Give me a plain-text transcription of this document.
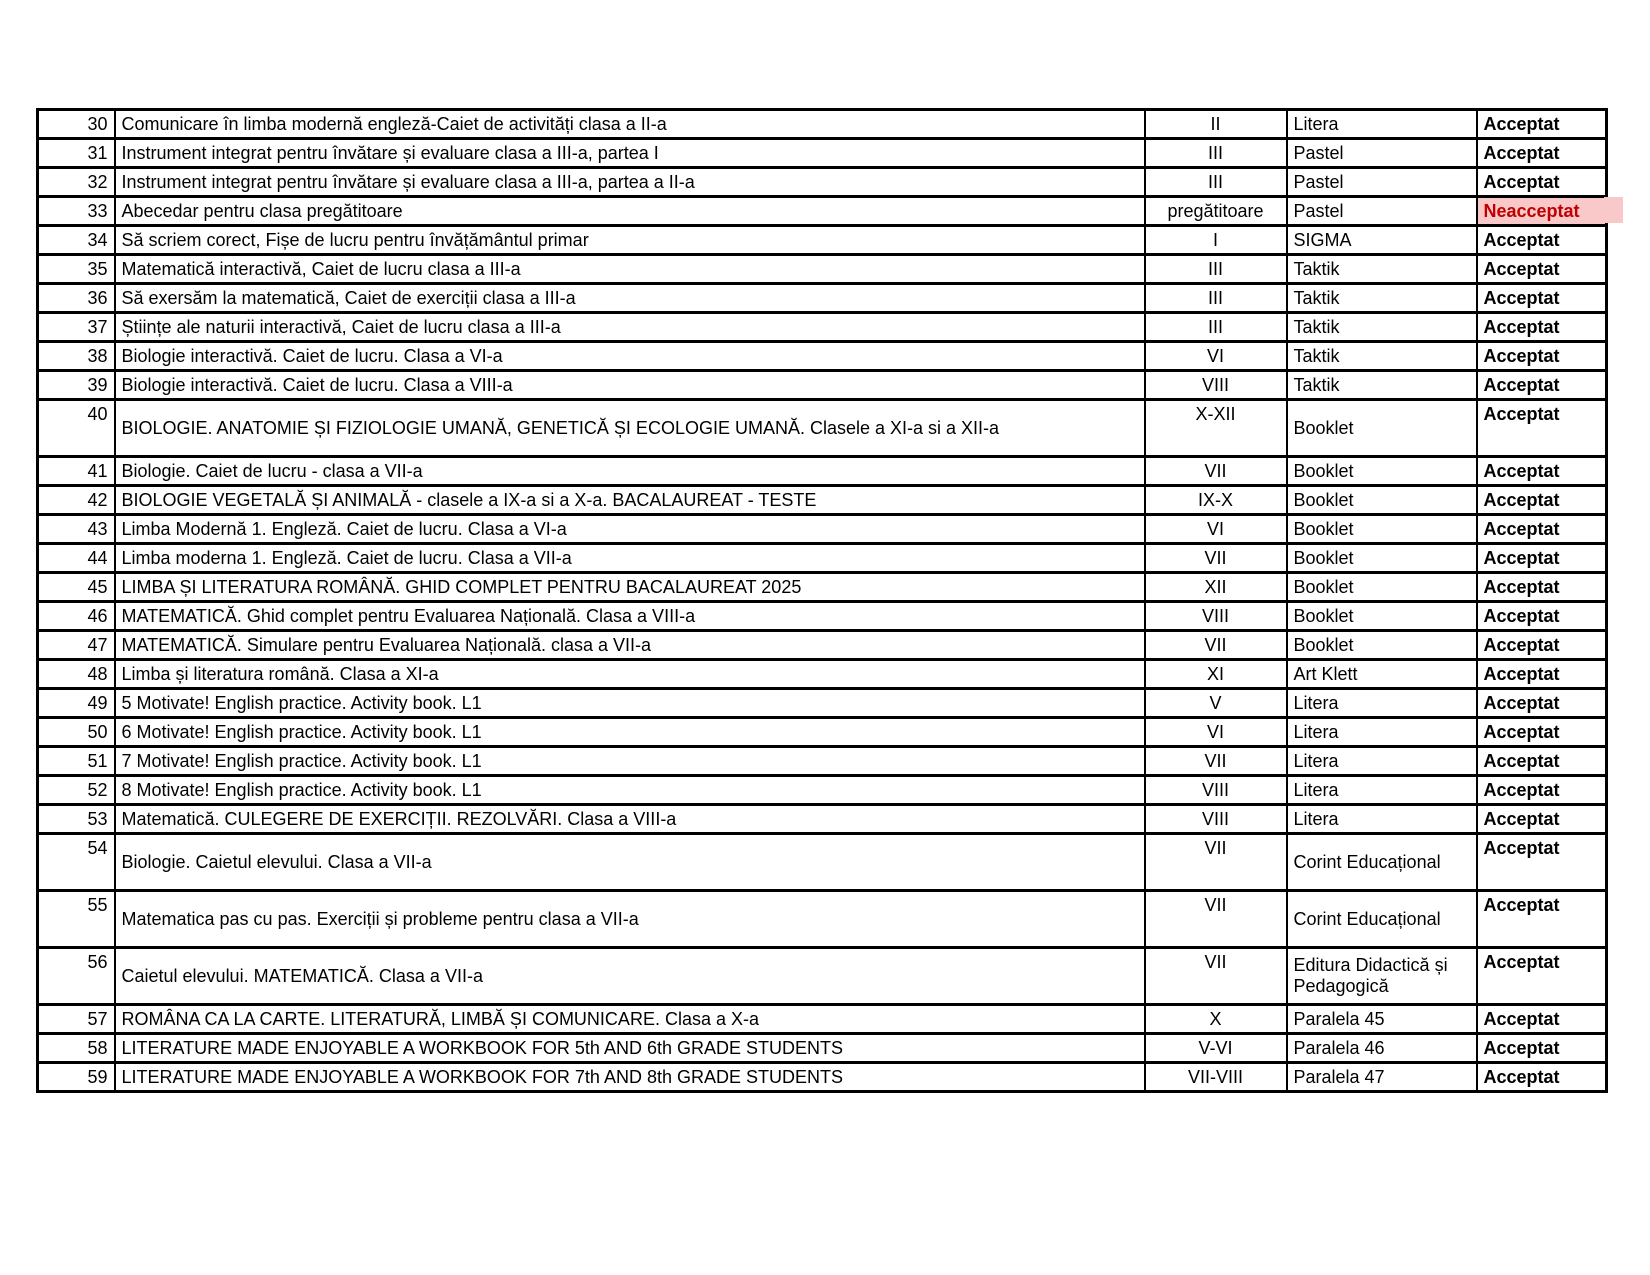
30	Comunicare în limba modernă engleză-Caiet de activități clasa a II-a	II	Litera	Acceptat
31	Instrument integrat pentru învătare și evaluare clasa a III-a, partea I	III	Pastel	Acceptat
32	Instrument integrat pentru învătare și evaluare clasa a III-a, partea a II-a	III	Pastel	Acceptat
33	Abecedar pentru clasa pregătitoare	pregătitoare	Pastel	Neacceptat
34	Să scriem corect, Fișe de lucru pentru învățământul primar	I	SIGMA	Acceptat
35	Matematică interactivă, Caiet de lucru clasa a III-a	III	Taktik	Acceptat
36	Să exersăm la matematică, Caiet de exerciții clasa a III-a	III	Taktik	Acceptat
37	Științe ale naturii interactivă, Caiet de lucru clasa a III-a	III	Taktik	Acceptat
38	Biologie interactivă. Caiet de lucru. Clasa a VI-a	VI	Taktik	Acceptat
39	Biologie interactivă. Caiet de lucru. Clasa a VIII-a	VIII	Taktik	Acceptat
40	BIOLOGIE. ANATOMIE ȘI FIZIOLOGIE UMANĂ, GENETICĂ ȘI ECOLOGIE UMANĂ. Clasele a XI-a si a XII-a	X-XII	Booklet	Acceptat
41	Biologie. Caiet de lucru - clasa a VII-a	VII	Booklet	Acceptat
42	BIOLOGIE VEGETALĂ ȘI ANIMALĂ - clasele a IX-a si a X-a. BACALAUREAT - TESTE	IX-X	Booklet	Acceptat
43	Limba Modernă 1. Engleză. Caiet de lucru. Clasa a VI-a	VI	Booklet	Acceptat
44	Limba moderna 1. Engleză. Caiet de lucru. Clasa a VII-a	VII	Booklet	Acceptat
45	LIMBA ȘI LITERATURA ROMÂNĂ. GHID COMPLET PENTRU BACALAUREAT 2025	XII	Booklet	Acceptat
46	MATEMATICĂ. Ghid complet pentru Evaluarea Națională. Clasa a VIII-a	VIII	Booklet	Acceptat
47	MATEMATICĂ. Simulare pentru Evaluarea Națională. clasa a VII-a	VII	Booklet	Acceptat
48	Limba și literatura română. Clasa a XI-a	XI	Art Klett	Acceptat
49	5 Motivate! English practice. Activity book. L1	V	Litera	Acceptat
50	6 Motivate! English practice. Activity book. L1	VI	Litera	Acceptat
51	7 Motivate! English practice. Activity book. L1	VII	Litera	Acceptat
52	8 Motivate! English practice. Activity book. L1	VIII	Litera	Acceptat
53	Matematică. CULEGERE DE EXERCIȚII. REZOLVĂRI. Clasa a VIII-a	VIII	Litera	Acceptat
54	Biologie. Caietul elevului. Clasa a VII-a	VII	Corint Educațional	Acceptat
55	Matematica pas cu pas. Exerciții și probleme pentru clasa a VII-a	VII	Corint Educațional	Acceptat
56	Caietul elevului. MATEMATICĂ. Clasa a VII-a	VII	Editura Didactică și Pedagogică	Acceptat
57	ROMÂNA CA LA CARTE. LITERATURĂ, LIMBĂ ȘI COMUNICARE. Clasa a X-a	X	Paralela 45	Acceptat
58	LITERATURE MADE ENJOYABLE A WORKBOOK FOR 5th AND 6th GRADE STUDENTS	V-VI	Paralela 46	Acceptat
59	LITERATURE MADE ENJOYABLE A WORKBOOK FOR 7th AND 8th GRADE STUDENTS	VII-VIII	Paralela 47	Acceptat
